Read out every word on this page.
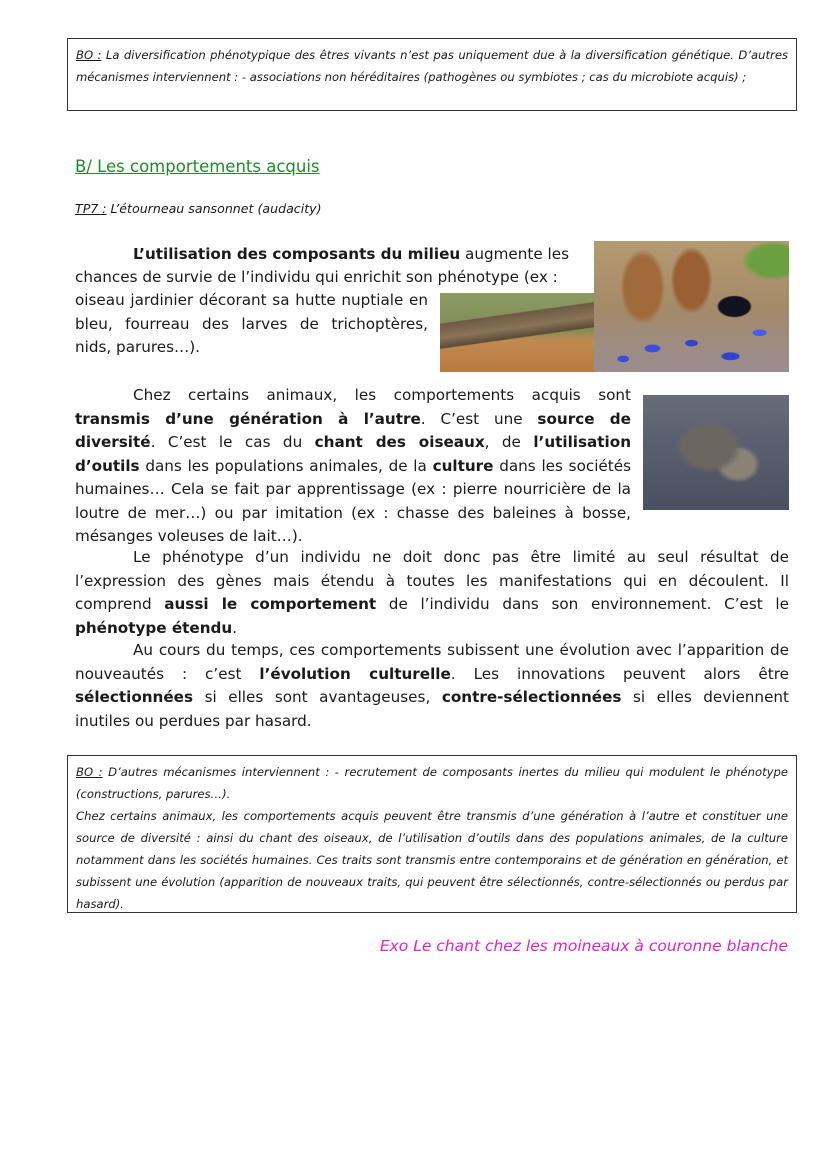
BO : La diversification phénotypique des êtres vivants n’est pas uniquement due à la diversification génétique. D’autres mécanismes interviennent : - associations non héréditaires (pathogènes ou symbiotes ; cas du microbiote acquis) ;
B/ Les comportements acquis
TP7 : L’étourneau sansonnet (audacity)
L’utilisation des composants du milieu augmente les
chances de survie de l’individu qui enrichit son phénotype (ex :
oiseau jardinier décorant sa hutte nuptiale en bleu, fourreau des larves de trichoptères, nids, parures…).
Chez certains animaux, les comportements acquis sont transmis d’une génération à l’autre. C’est une source de diversité. C’est le cas du chant des oiseaux, de l’utilisation d’outils dans les populations animales, de la culture dans les sociétés humaines… Cela se fait par apprentissage (ex : pierre nourricière de la loutre de mer…) ou par imitation (ex : chasse des baleines à bosse, mésanges voleuses de lait…).
Le phénotype d’un individu ne doit donc pas être limité au seul résultat de l’expression des gènes mais étendu à toutes les manifestations qui en découlent. Il comprend aussi le comportement de l’individu dans son environnement. C’est le phénotype étendu.
Au cours du temps, ces comportements subissent une évolution avec l’apparition de nouveautés : c’est l’évolution culturelle. Les innovations peuvent alors être sélectionnées si elles sont avantageuses, contre-sélectionnées si elles deviennent inutiles ou perdues par hasard.
BO : D’autres mécanismes interviennent : - recrutement de composants inertes du milieu qui modulent le phénotype (constructions, parures…).
Chez certains animaux, les comportements acquis peuvent être transmis d’une génération à l’autre et constituer une source de diversité : ainsi du chant des oiseaux, de l’utilisation d’outils dans des populations animales, de la culture notamment dans les sociétés humaines. Ces traits sont transmis entre contemporains et de génération en génération, et subissent une évolution (apparition de nouveaux traits, qui peuvent être sélectionnés, contre-sélectionnés ou perdus par hasard).
Exo Le chant chez les moineaux à couronne blanche
